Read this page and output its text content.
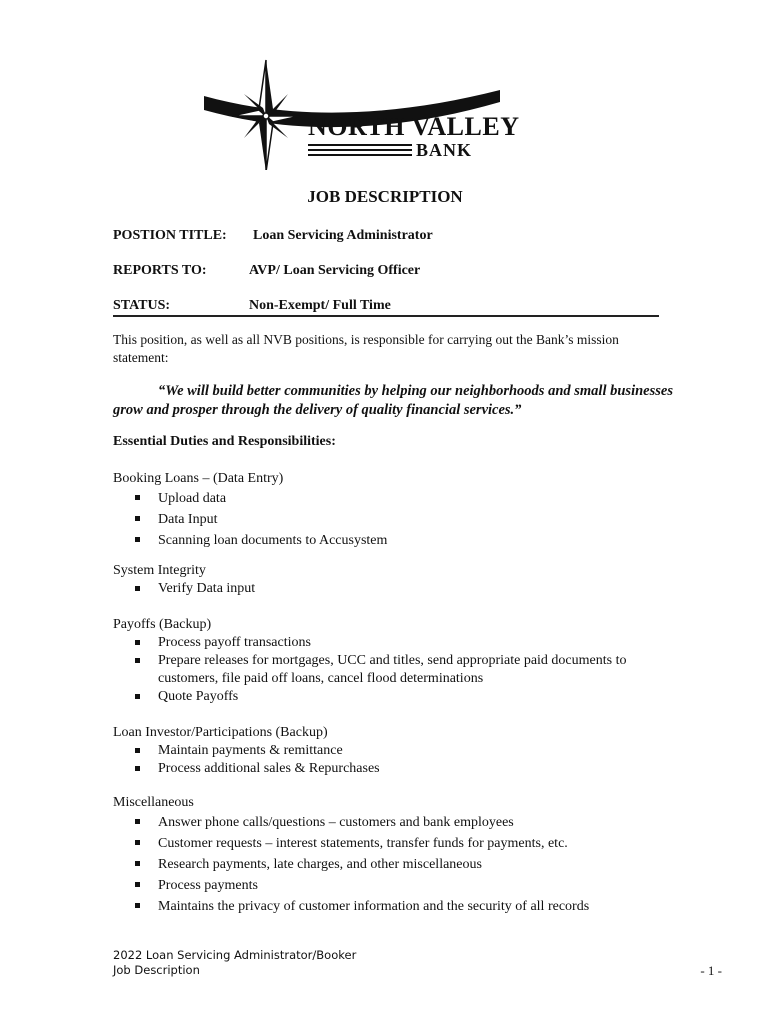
NORTH VALLEY
BANK
JOB DESCRIPTION
POSTION TITLE: Loan Servicing Administrator
REPORTS TO:	AVP/ Loan Servicing Officer
STATUS:	Non-Exempt/ Full Time
This position, as well as all NVB positions, is responsible for carrying out the Bank’s mission statement:
“We will build better communities by helping our neighborhoods and small businesses grow and prosper through the delivery of quality financial services.”
Essential Duties and Responsibilities:
Booking Loans – (Data Entry)
Upload data
Data Input
Scanning loan documents to Accusystem
System Integrity
Verify Data input
Payoffs (Backup)
Process payoff transactions
Prepare releases for mortgages, UCC and titles, send appropriate paid documents to customers, file paid off loans, cancel flood determinations
Quote Payoffs
Loan Investor/Participations (Backup)
Maintain payments & remittance
Process additional sales & Repurchases
Miscellaneous
Answer phone calls/questions – customers and bank employees
Customer requests – interest statements, transfer funds for payments, etc.
Research payments, late charges, and other miscellaneous
Process payments
Maintains the privacy of customer information and the security of all records
2022 Loan Servicing Administrator/Booker
Job Description	- 1 -
